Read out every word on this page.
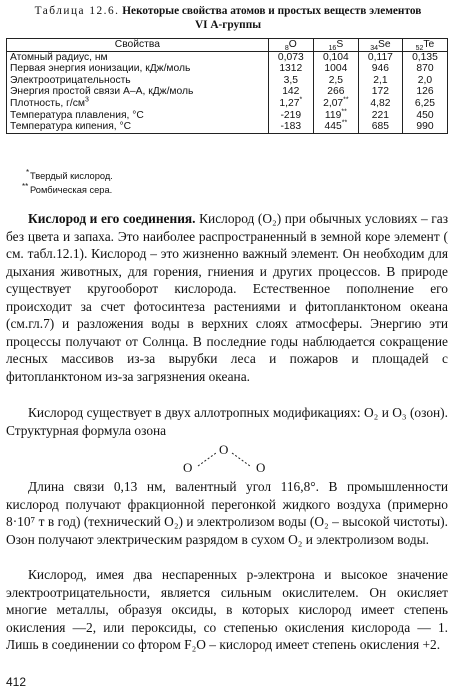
Таблица 12.6. Некоторые свойства атомов и простых веществ элементов
VI А-группы
Свойства	$_8$O	$_{16}$S	$_{34}$Se	$_{52}$Te
Атомный радиус, нм	0,073	0,104	0,117	0,135
Первая энергия ионизации, кДж/моль	1312	1004	946	870
Электроотрицательность	3,5	2,5	2,1	2,0
Энергия простой связи А–А, кДж/моль	142	266	172	126
Плотность, $г/см^3$	1,27*	2,07**	4,82	6,25
Температура плавления, °С	-219	119**	221	450
Температура кипения, °С	-183	445**	685	990
* Твердый кислород.
** Ромбическая сера.

Кислород и его соединения. Кислород (O₂) при обычных условиях – газ без цвета и запаха. Это наиболее распространенный в земной коре элемент ( см. табл.12.1). Кислород – это жизненно важный элемент. Он необходим для дыхания животных, для горения, гниения и других процессов. В природе существует кругооборот кислорода. Естественное пополнение его происходит за счет фотосинтеза растениями и фитопланктоном океана (см.гл.7) и разложения воды в верхних слоях атмосферы. Энергию эти процессы получают от Солнца. В последние годы наблюдается сокращение лесных массивов из-за вырубки леса и пожаров и площадей с фитопланктоном из-за загрязнения океана.

Кислород существует в двух аллотропных модификациях: O₂ и O₃ (озон). Структурная формула озона

O
O	O

Длина связи 0,13 нм, валентный угол 116,8°. В промышленности кислород получают фракционной перегонкой жидкого воздуха (примерно 8·10⁷ т в год) (технический O₂) и электролизом воды (O₂ – высокой чистоты). Озон получают электрическим разрядом в сухом O₂ и электролизом воды.

Кислород, имея два неспаренных p-электрона и высокое значение электроотрицательности, является сильным окислителем. Он окисляет многие металлы, образуя оксиды, в которых кислород имеет степень окисления —2, или пероксиды, со степенью окисления кислорода — 1. Лишь в соединении со фтором F₂O – кислород имеет степень окисления +2.

412
